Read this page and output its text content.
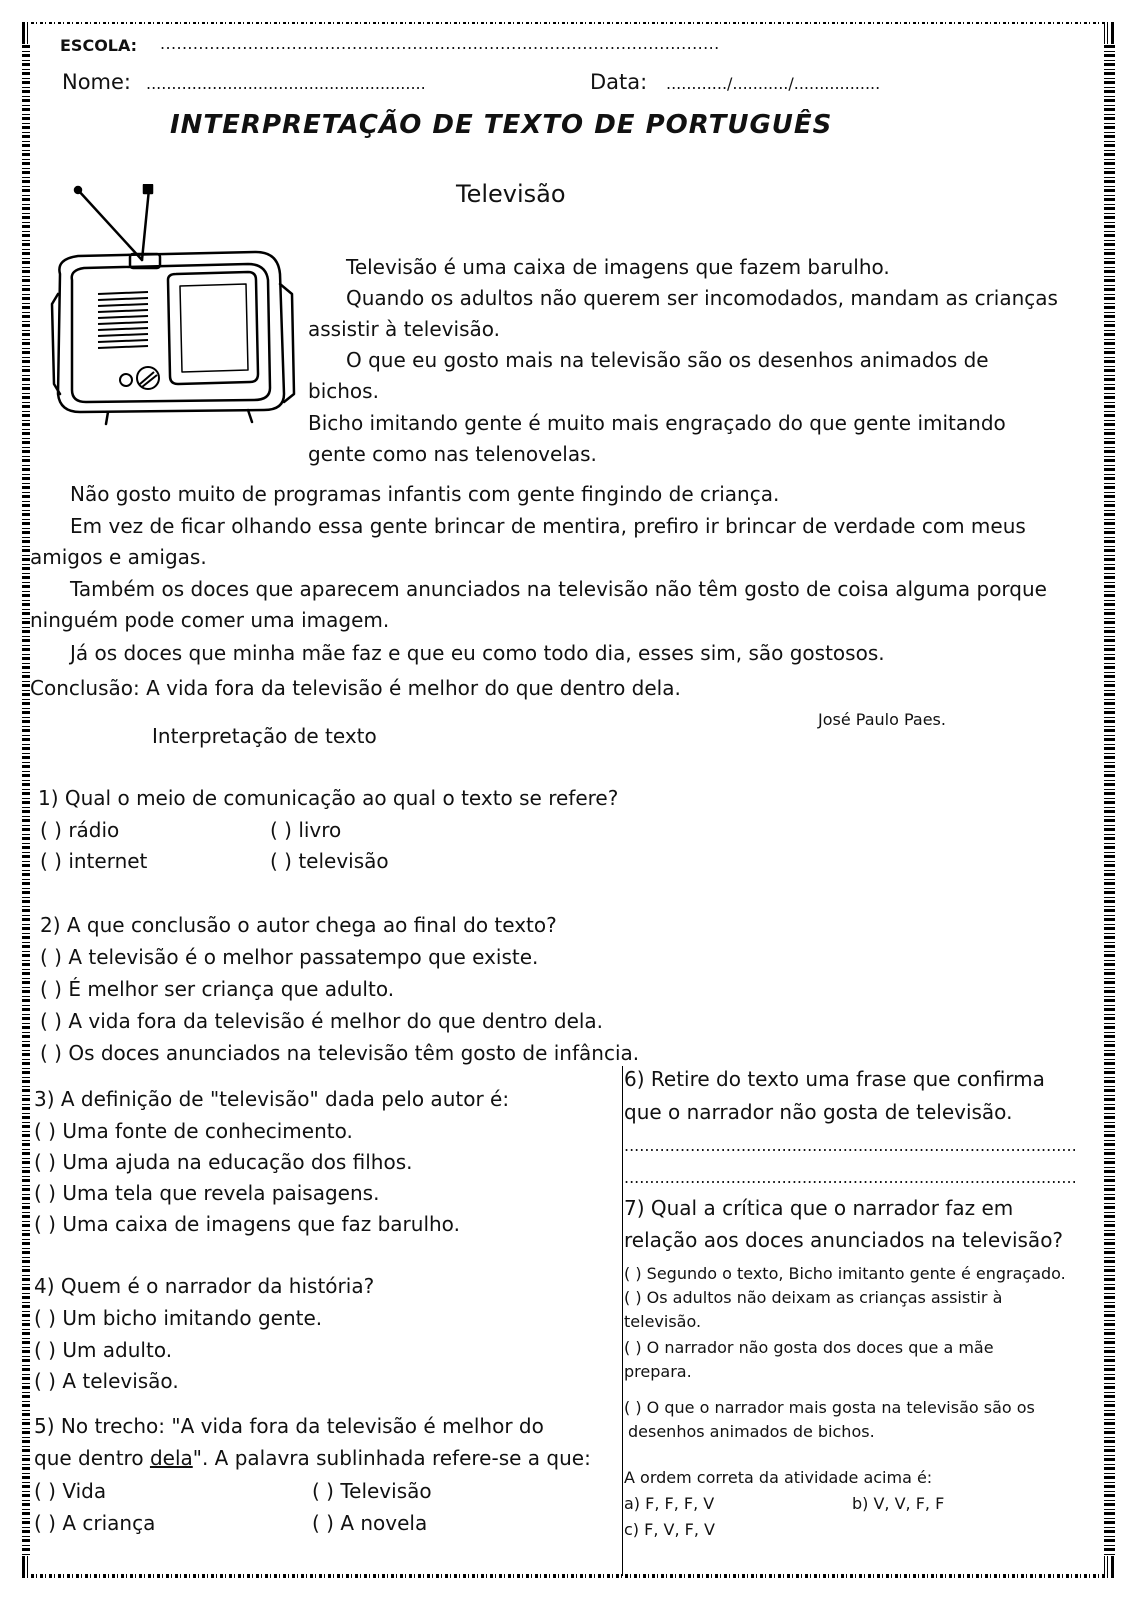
ESCOLA: ......................................................................................................
Nome: .......................................................	Data: ............/.........../.................
INTERPRETAÇÃO DE TEXTO DE PORTUGUÊS
Televisão
Televisão é uma caixa de imagens que fazem barulho.
Quando os adultos não querem ser incomodados, mandam as crianças
assistir à televisão.
O que eu gosto mais na televisão são os desenhos animados de
bichos.
Bicho imitando gente é muito mais engraçado do que gente imitando
gente como nas telenovelas.
Não gosto muito de programas infantis com gente fingindo de criança.
Em vez de ficar olhando essa gente brincar de mentira, prefiro ir brincar de verdade com meus
amigos e amigas.
Também os doces que aparecem anunciados na televisão não têm gosto de coisa alguma porque
ninguém pode comer uma imagem.
Já os doces que minha mãe faz e que eu como todo dia, esses sim, são gostosos.
Conclusão: A vida fora da televisão é melhor do que dentro dela.
José Paulo Paes.
Interpretação de texto
1) Qual o meio de comunicação ao qual o texto se refere?
( ) rádio	( ) livro
( ) internet	( ) televisão
2) A que conclusão o autor chega ao final do texto?
( ) A televisão é o melhor passatempo que existe.
( ) É melhor ser criança que adulto.
( ) A vida fora da televisão é melhor do que dentro dela.
( ) Os doces anunciados na televisão têm gosto de infância.
3) A definição de "televisão" dada pelo autor é:
( ) Uma fonte de conhecimento.
( ) Uma ajuda na educação dos filhos.
( ) Uma tela que revela paisagens.
( ) Uma caixa de imagens que faz barulho.
4) Quem é o narrador da história?
( ) Um bicho imitando gente.
( ) Um adulto.
( ) A televisão.
5) No trecho: "A vida fora da televisão é melhor do
que dentro dela". A palavra sublinhada refere-se a que:
( ) Vida	( ) Televisão
( ) A criança	( ) A novela
6) Retire do texto uma frase que confirma
que o narrador não gosta de televisão.
.........................................................................................
.........................................................................................
7) Qual a crítica que o narrador faz em
relação aos doces anunciados na televisão?
( ) Segundo o texto, Bicho imitanto gente é engraçado.
( ) Os adultos não deixam as crianças assistir à
televisão.
( ) O narrador não gosta dos doces que a mãe
prepara.
( ) O que o narrador mais gosta na televisão são os
desenhos animados de bichos.
A ordem correta da atividade acima é:
a) F, F, F, V	b) V, V, F, F
c) F, V, F, V
